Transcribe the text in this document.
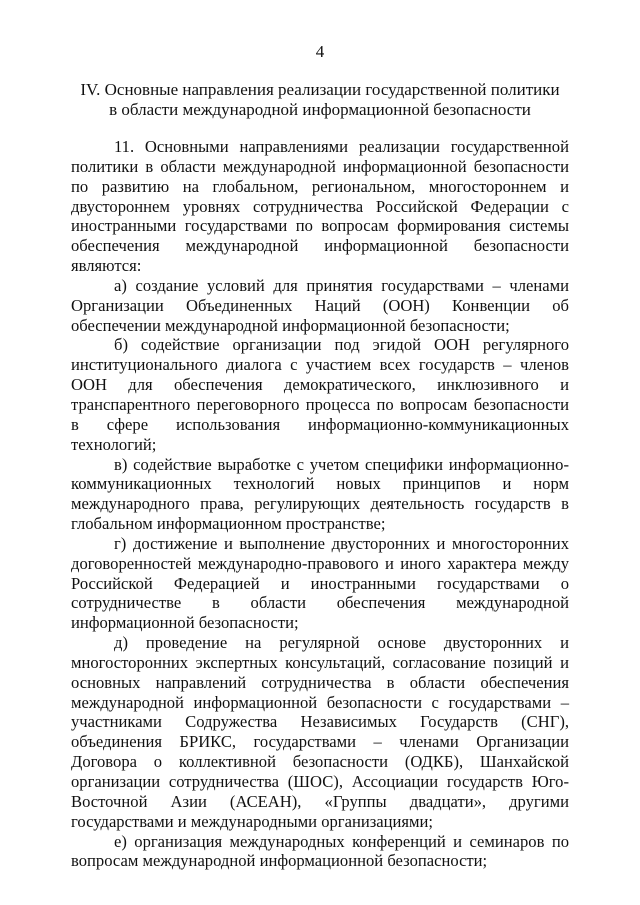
4
IV. Основные направления реализации государственной политики
в области международной информационной безопасности

11. Основными направлениями реализации государственной политики в области международной информационной безопасности по развитию на глобальном, региональном, многостороннем и двустороннем уровнях сотрудничества Российской Федерации с иностранными государствами по вопросам формирования системы обеспечения международной информационной безопасности являются:

а) создание условий для принятия государствами – членами Организации Объединенных Наций (ООН) Конвенции об обеспечении международной информационной безопасности;

б) содействие организации под эгидой ООН регулярного институционального диалога с участием всех государств – членов ООН для обеспечения демократического, инклюзивного и транспарентного переговорного процесса по вопросам безопасности в сфере использования информационно-коммуникационных технологий;

в) содействие выработке с учетом специфики информационно-коммуникационных технологий новых принципов и норм международного права, регулирующих деятельность государств в глобальном информационном пространстве;

г) достижение и выполнение двусторонних и многосторонних договоренностей международно-правового и иного характера между Российской Федерацией и иностранными государствами о сотрудничестве в области обеспечения международной информационной безопасности;

д) проведение на регулярной основе двусторонних и многосторонних экспертных консультаций, согласование позиций и основных направлений сотрудничества в области обеспечения международной информационной безопасности с государствами – участниками Содружества Независимых Государств (СНГ), объединения БРИКС, государствами – членами Организации Договора о коллективной безопасности (ОДКБ), Шанхайской организации сотрудничества (ШОС), Ассоциации государств Юго-Восточной Азии (АСЕАН), «Группы двадцати», другими государствами и международными организациями;

е) организация международных конференций и семинаров по вопросам международной информационной безопасности;
